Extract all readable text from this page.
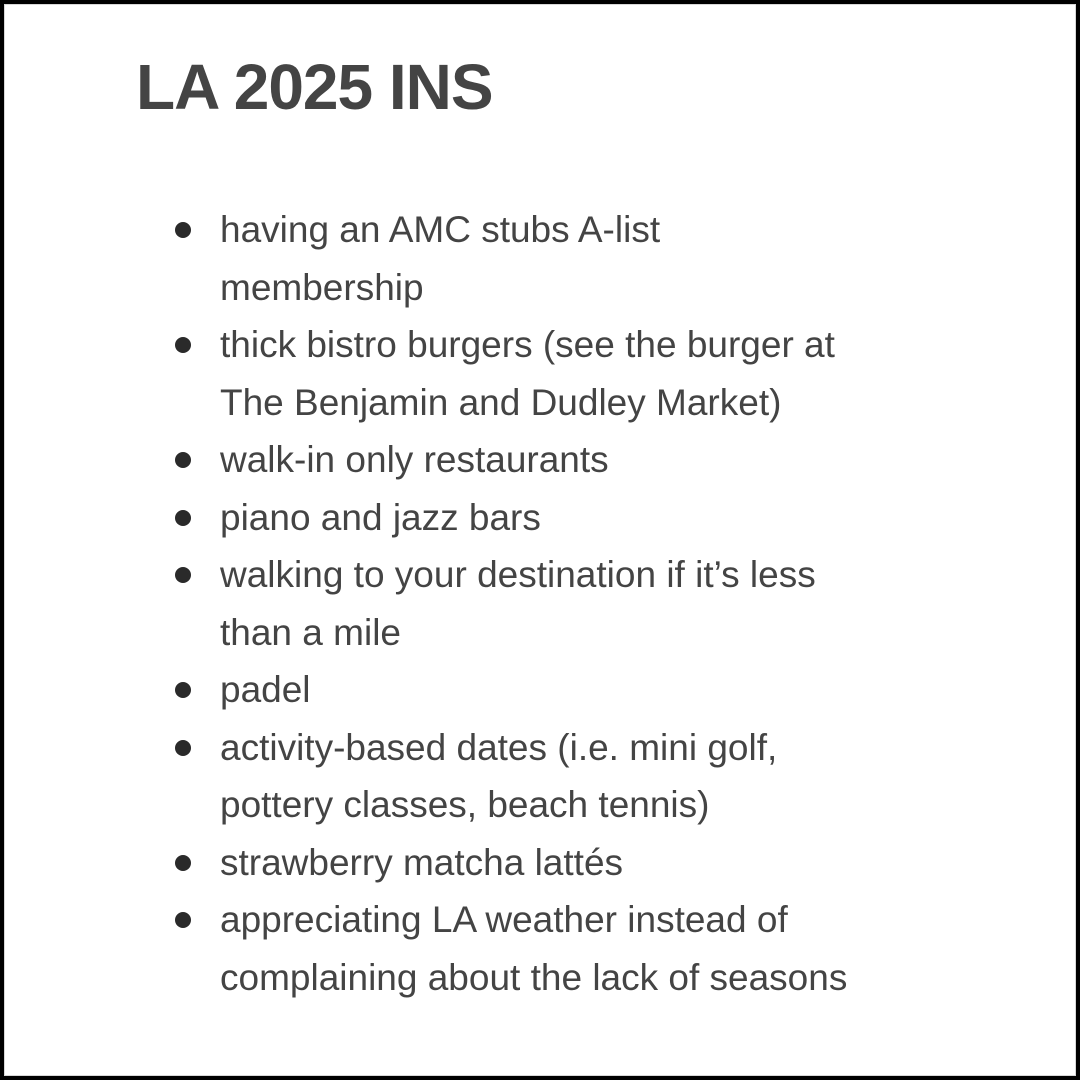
LA 2025 INS
having an AMC stubs A-list
membership
thick bistro burgers (see the burger at
The Benjamin and Dudley Market)
walk-in only restaurants
piano and jazz bars
walking to your destination if it’s less
than a mile
padel
activity-based dates (i.e. mini golf,
pottery classes, beach tennis)
strawberry matcha lattés
appreciating LA weather instead of
complaining about the lack of seasons
